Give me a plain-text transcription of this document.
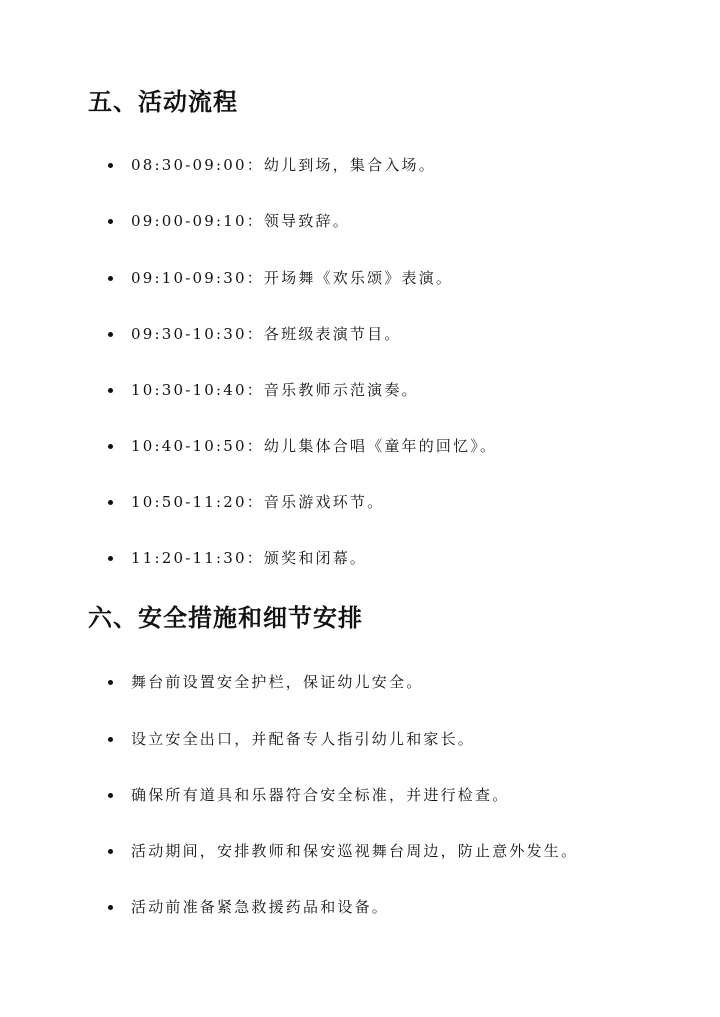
五、活动流程
08:30-09:00：幼儿到场，集合入场。
09:00-09:10：领导致辞。
09:10-09:30：开场舞《欢乐颂》表演。
09:30-10:30：各班级表演节目。
10:30-10:40：音乐教师示范演奏。
10:40-10:50：幼儿集体合唱《童年的回忆》。
10:50-11:20：音乐游戏环节。
11:20-11:30：颁奖和闭幕。
六、安全措施和细节安排
舞台前设置安全护栏，保证幼儿安全。
设立安全出口，并配备专人指引幼儿和家长。
确保所有道具和乐器符合安全标准，并进行检查。
活动期间，安排教师和保安巡视舞台周边，防止意外发生。
活动前准备紧急救援药品和设备。
